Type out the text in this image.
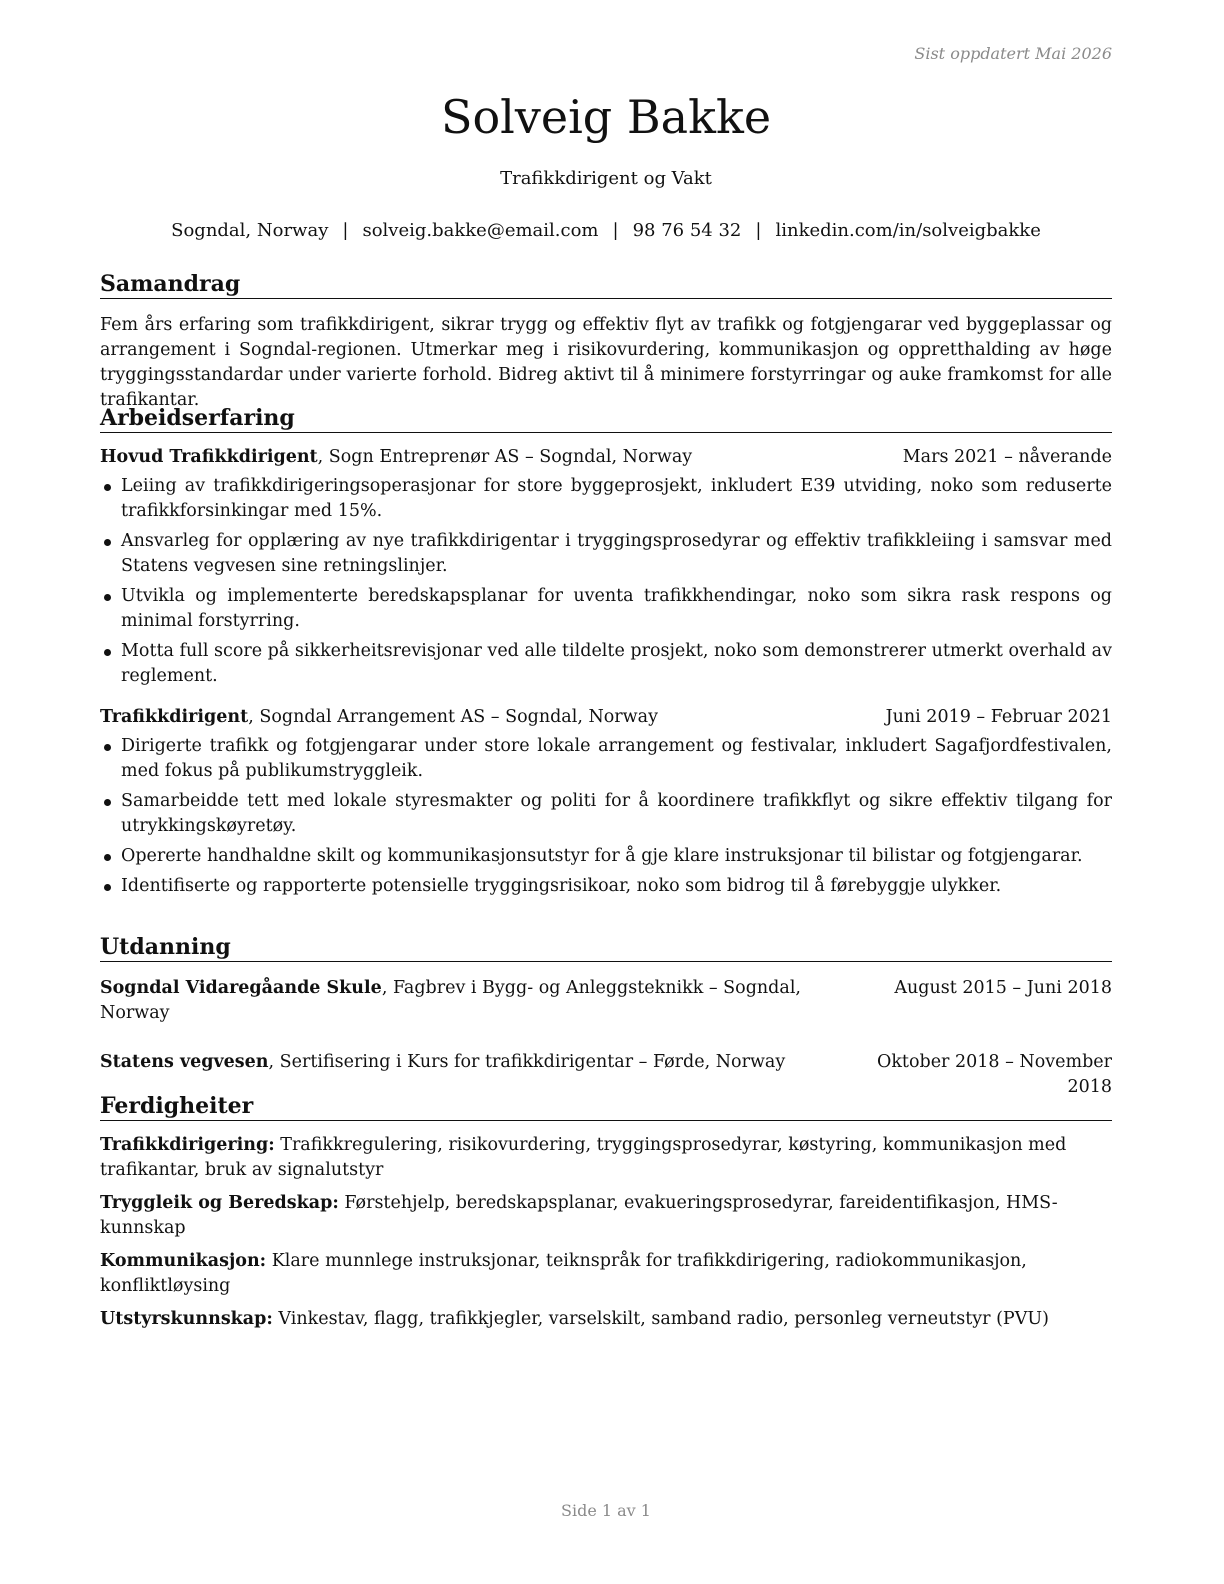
Sist oppdatert Mai 2026
Solveig Bakke
Trafikkdirigent og Vakt
Sogndal, Norway | solveig.bakke@email.com | 98 76 54 32 | linkedin.com/in/solveigbakke
Samandrag

Fem års erfaring som trafikkdirigent, sikrar trygg og effektiv flyt av trafikk og fotgjengarar ved byggeplassar og arrangement i Sogndal-regionen. Utmerkar meg i risikovurdering, kommunikasjon og oppretthalding av høge tryggingsstandardar under varierte forhold. Bidreg aktivt til å minimere forstyrringar og auke framkomst for alle trafikantar.

Arbeidserfaring
Hovud Trafikkdirigent, Sogn Entreprenør AS – Sogndal, Norway	Mars 2021 – nåverande
Leiing av trafikkdirigeringsoperasjonar for store byggeprosjekt, inkludert E39 utviding, noko som reduserte trafikkforsinkingar med 15%.
Ansvarleg for opplæring av nye trafikkdirigentar i tryggingsprosedyrar og effektiv trafikkleiing i samsvar med Statens vegvesen sine retningslinjer.
Utvikla og implementerte beredskapsplanar for uventa trafikkhendingar, noko som sikra rask respons og minimal forstyrring.
Motta full score på sikkerheitsrevisjonar ved alle tildelte prosjekt, noko som demonstrerer utmerkt overhald av reglement.
Trafikkdirigent, Sogndal Arrangement AS – Sogndal, Norway	Juni 2019 – Februar 2021
Dirigerte trafikk og fotgjengarar under store lokale arrangement og festivalar, inkludert Sagafjordfestivalen, med fokus på publikumstryggleik.
Samarbeidde tett med lokale styresmakter og politi for å koordinere trafikkflyt og sikre effektiv tilgang for utrykkingskøyretøy.
Opererte handhaldne skilt og kommunikasjonsutstyr for å gje klare instruksjonar til bilistar og fotgjengarar.
Identifiserte og rapporterte potensielle tryggingsrisikoar, noko som bidrog til å førebyggje ulykker.
Utdanning
Sogndal Vidaregåande Skule, Fagbrev i Bygg- og Anleggsteknikk – Sogndal, Norway
August 2015 – Juni 2018
Statens vegvesen, Sertifisering i Kurs for trafikkdirigentar – Førde, Norway	Oktober 2018 – November 2018
Ferdigheiter

Trafikkdirigering: Trafikkregulering, risikovurdering, tryggingsprosedyrar, køstyring, kommunikasjon med trafikantar, bruk av signalutstyr

Tryggleik og Beredskap: Førstehjelp, beredskapsplanar, evakueringsprosedyrar, fareidentifikasjon, HMS-kunnskap

Kommunikasjon: Klare munnlege instruksjonar, teiknspråk for trafikkdirigering, radiokommunikasjon, konfliktløysing

Utstyrskunnskap: Vinkestav, flagg, trafikkjegler, varselskilt, samband radio, personleg verneutstyr (PVU)

Side 1 av 1
